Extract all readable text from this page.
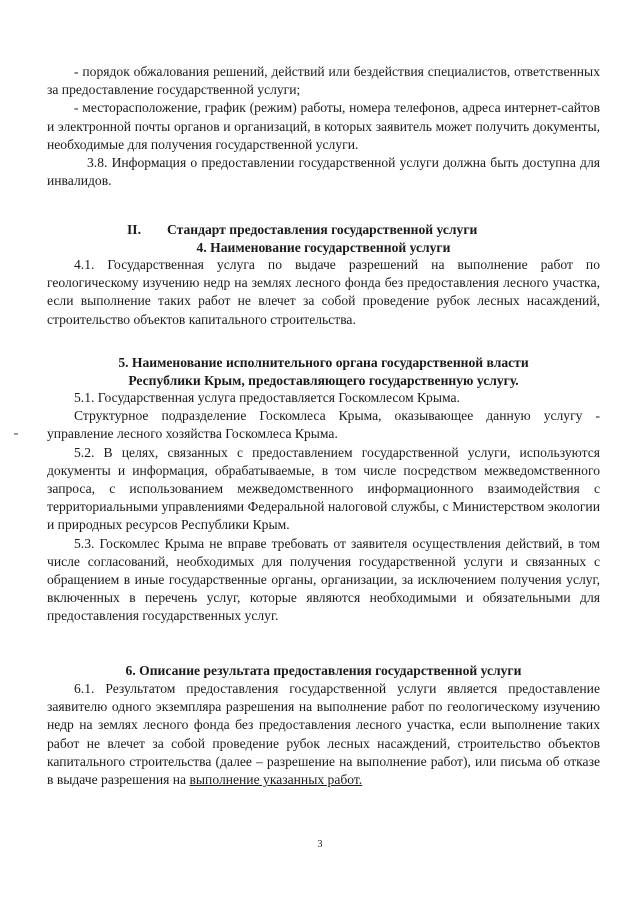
- порядок обжалования решений, действий или бездействия специалистов, ответственных за предоставление государственной услуги;

- месторасположение, график (режим) работы, номера телефонов, адреса интернет-сайтов и электронной почты органов и организаций, в которых заявитель может получить документы, необходимые для получения государственной услуги.

3.8. Информация о предоставлении государственной услуги должна быть доступна для инвалидов.

II. Стандарт предоставления государственной услуги
4. Наименование государственной услуги

4.1. Государственная услуга по выдаче разрешений на выполнение работ по геологическому изучению недр на землях лесного фонда без предоставления лесного участка, если выполнение таких работ не влечет за собой проведение рубок лесных насаждений, строительство объектов капитального строительства.

5. Наименование исполнительного органа государственной власти
Республики Крым, предоставляющего государственную услугу.

5.1. Государственная услуга предоставляется Госкомлесом Крыма.

Структурное подразделение Госкомлеса Крыма, оказывающее данную услугу - управление лесного хозяйства Госкомлеса Крыма.

5.2. В целях, связанных с предоставлением государственной услуги, используются документы и информация, обрабатываемые, в том числе посредством межведомственного запроса, с использованием межведомственного информационного взаимодействия с территориальными управлениями Федеральной налоговой службы, с Министерством экологии и природных ресурсов Республики Крым.

5.3. Госкомлес Крыма не вправе требовать от заявителя осуществления действий, в том числе согласований, необходимых для получения государственной услуги и связанных с обращением в иные государственные органы, организации, за исключением получения услуг, включенных в перечень услуг, которые являются необходимыми и обязательными для предоставления государственных услуг.

6. Описание результата предоставления государственной услуги

6.1. Результатом предоставления государственной услуги является предоставление заявителю одного экземпляра разрешения на выполнение работ по геологическому изучению недр на землях лесного фонда без предоставления лесного участка, если выполнение таких работ не влечет за собой проведение рубок лесных насаждений, строительство объектов капитального строительства (далее – разрешение на выполнение работ), или письма об отказе в выдаче разрешения на выполнение указанных работ.

3
